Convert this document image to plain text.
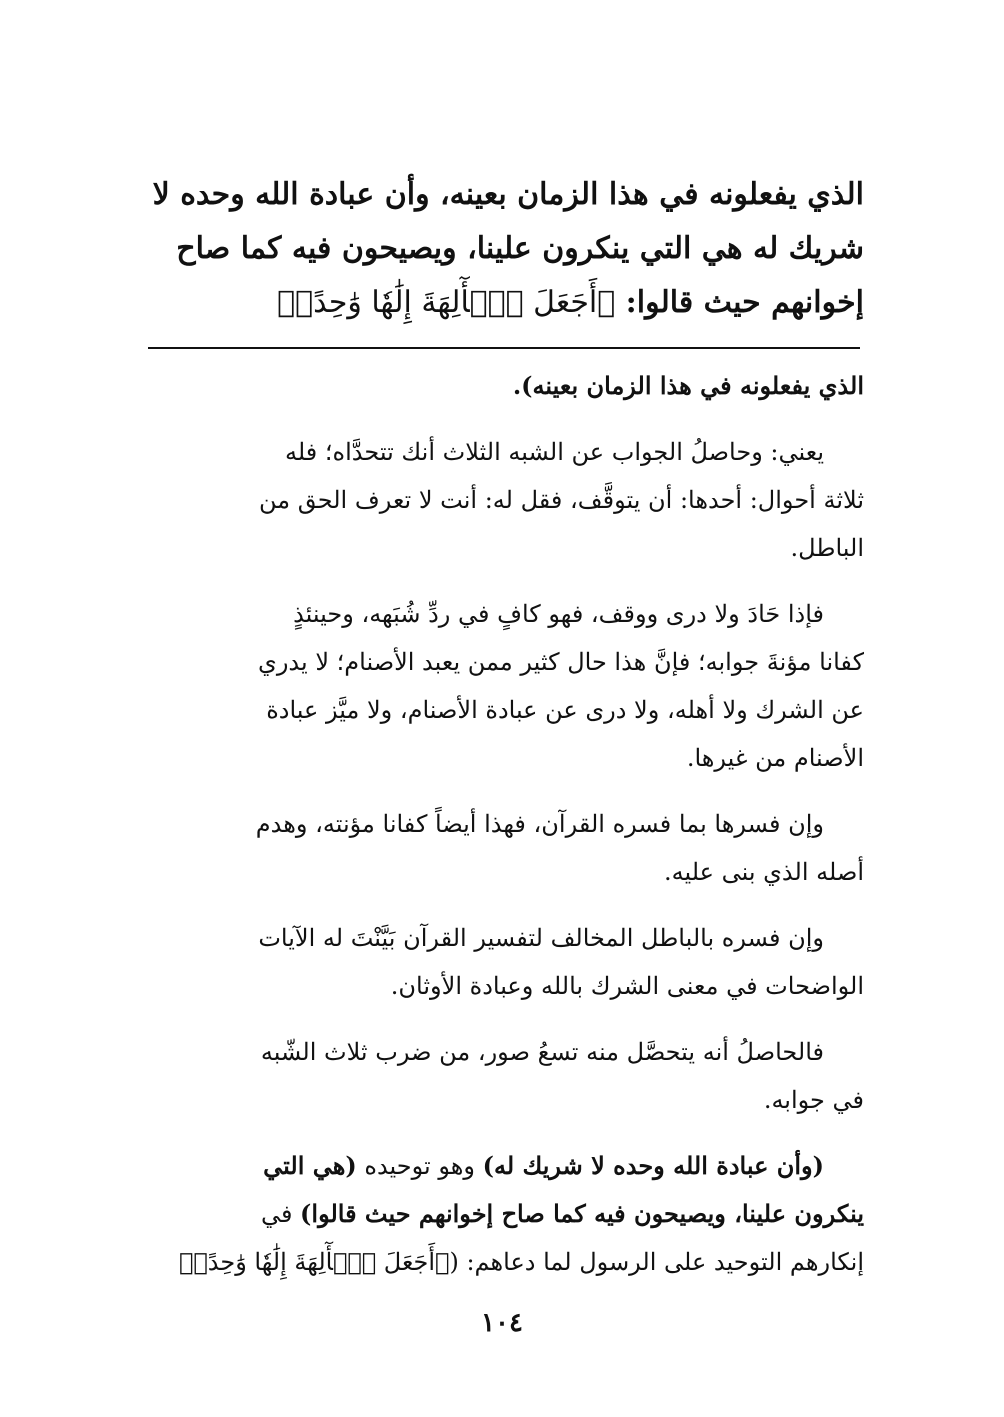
الذي يفعلونه في هذا الزمان بعينه، وأن عبادة الله وحده لا
شريك له هي التي ينكرون علينا، ويصيحون فيه كما صاح
إخوانهم حيث قالوا: ﴿أَجَعَلَ ٱلۡأٓلِهَةَ إِلَٰهٗا وَٰحِدًاۖ
الذي يفعلونه في هذا الزمان بعينه).
يعني: وحاصلُ الجواب عن الشبه الثلاث أنك تتحدَّاه؛ فله
ثلاثة أحوال: أحدها: أن يتوقَّف، فقل له: أنت لا تعرف الحق من
الباطل.
فإذا حَادَ ولا درى ووقف، فهو كافٍ في ردِّ شُبَهه، وحينئذٍ
كفانا مؤنةَ جوابه؛ فإنَّ هذا حال كثير ممن يعبد الأصنام؛ لا يدري
عن الشرك ولا أهله، ولا درى عن عبادة الأصنام، ولا ميَّز عبادة
الأصنام من غيرها.
وإن فسرها بما فسره القرآن، فهذا أيضاً كفانا مؤنته، وهدم
أصله الذي بنى عليه.
وإن فسره بالباطل المخالف لتفسير القرآن بَيَّنْتَ له الآيات
الواضحات في معنى الشرك بالله وعبادة الأوثان.
فالحاصلُ أنه يتحصَّل منه تسعُ صور، من ضرب ثلاث الشّبه
في جوابه.
(وأن عبادة الله وحده لا شريك له) وهو توحيده (هي التي
ينكرون علينا، ويصيحون فيه كما صاح إخوانهم حيث قالوا) في
إنكارهم التوحيد على الرسول لما دعاهم: (﴿أَجَعَلَ ٱلۡأٓلِهَةَ إِلَٰهٗا وَٰحِدًاۖ
١٠٤
